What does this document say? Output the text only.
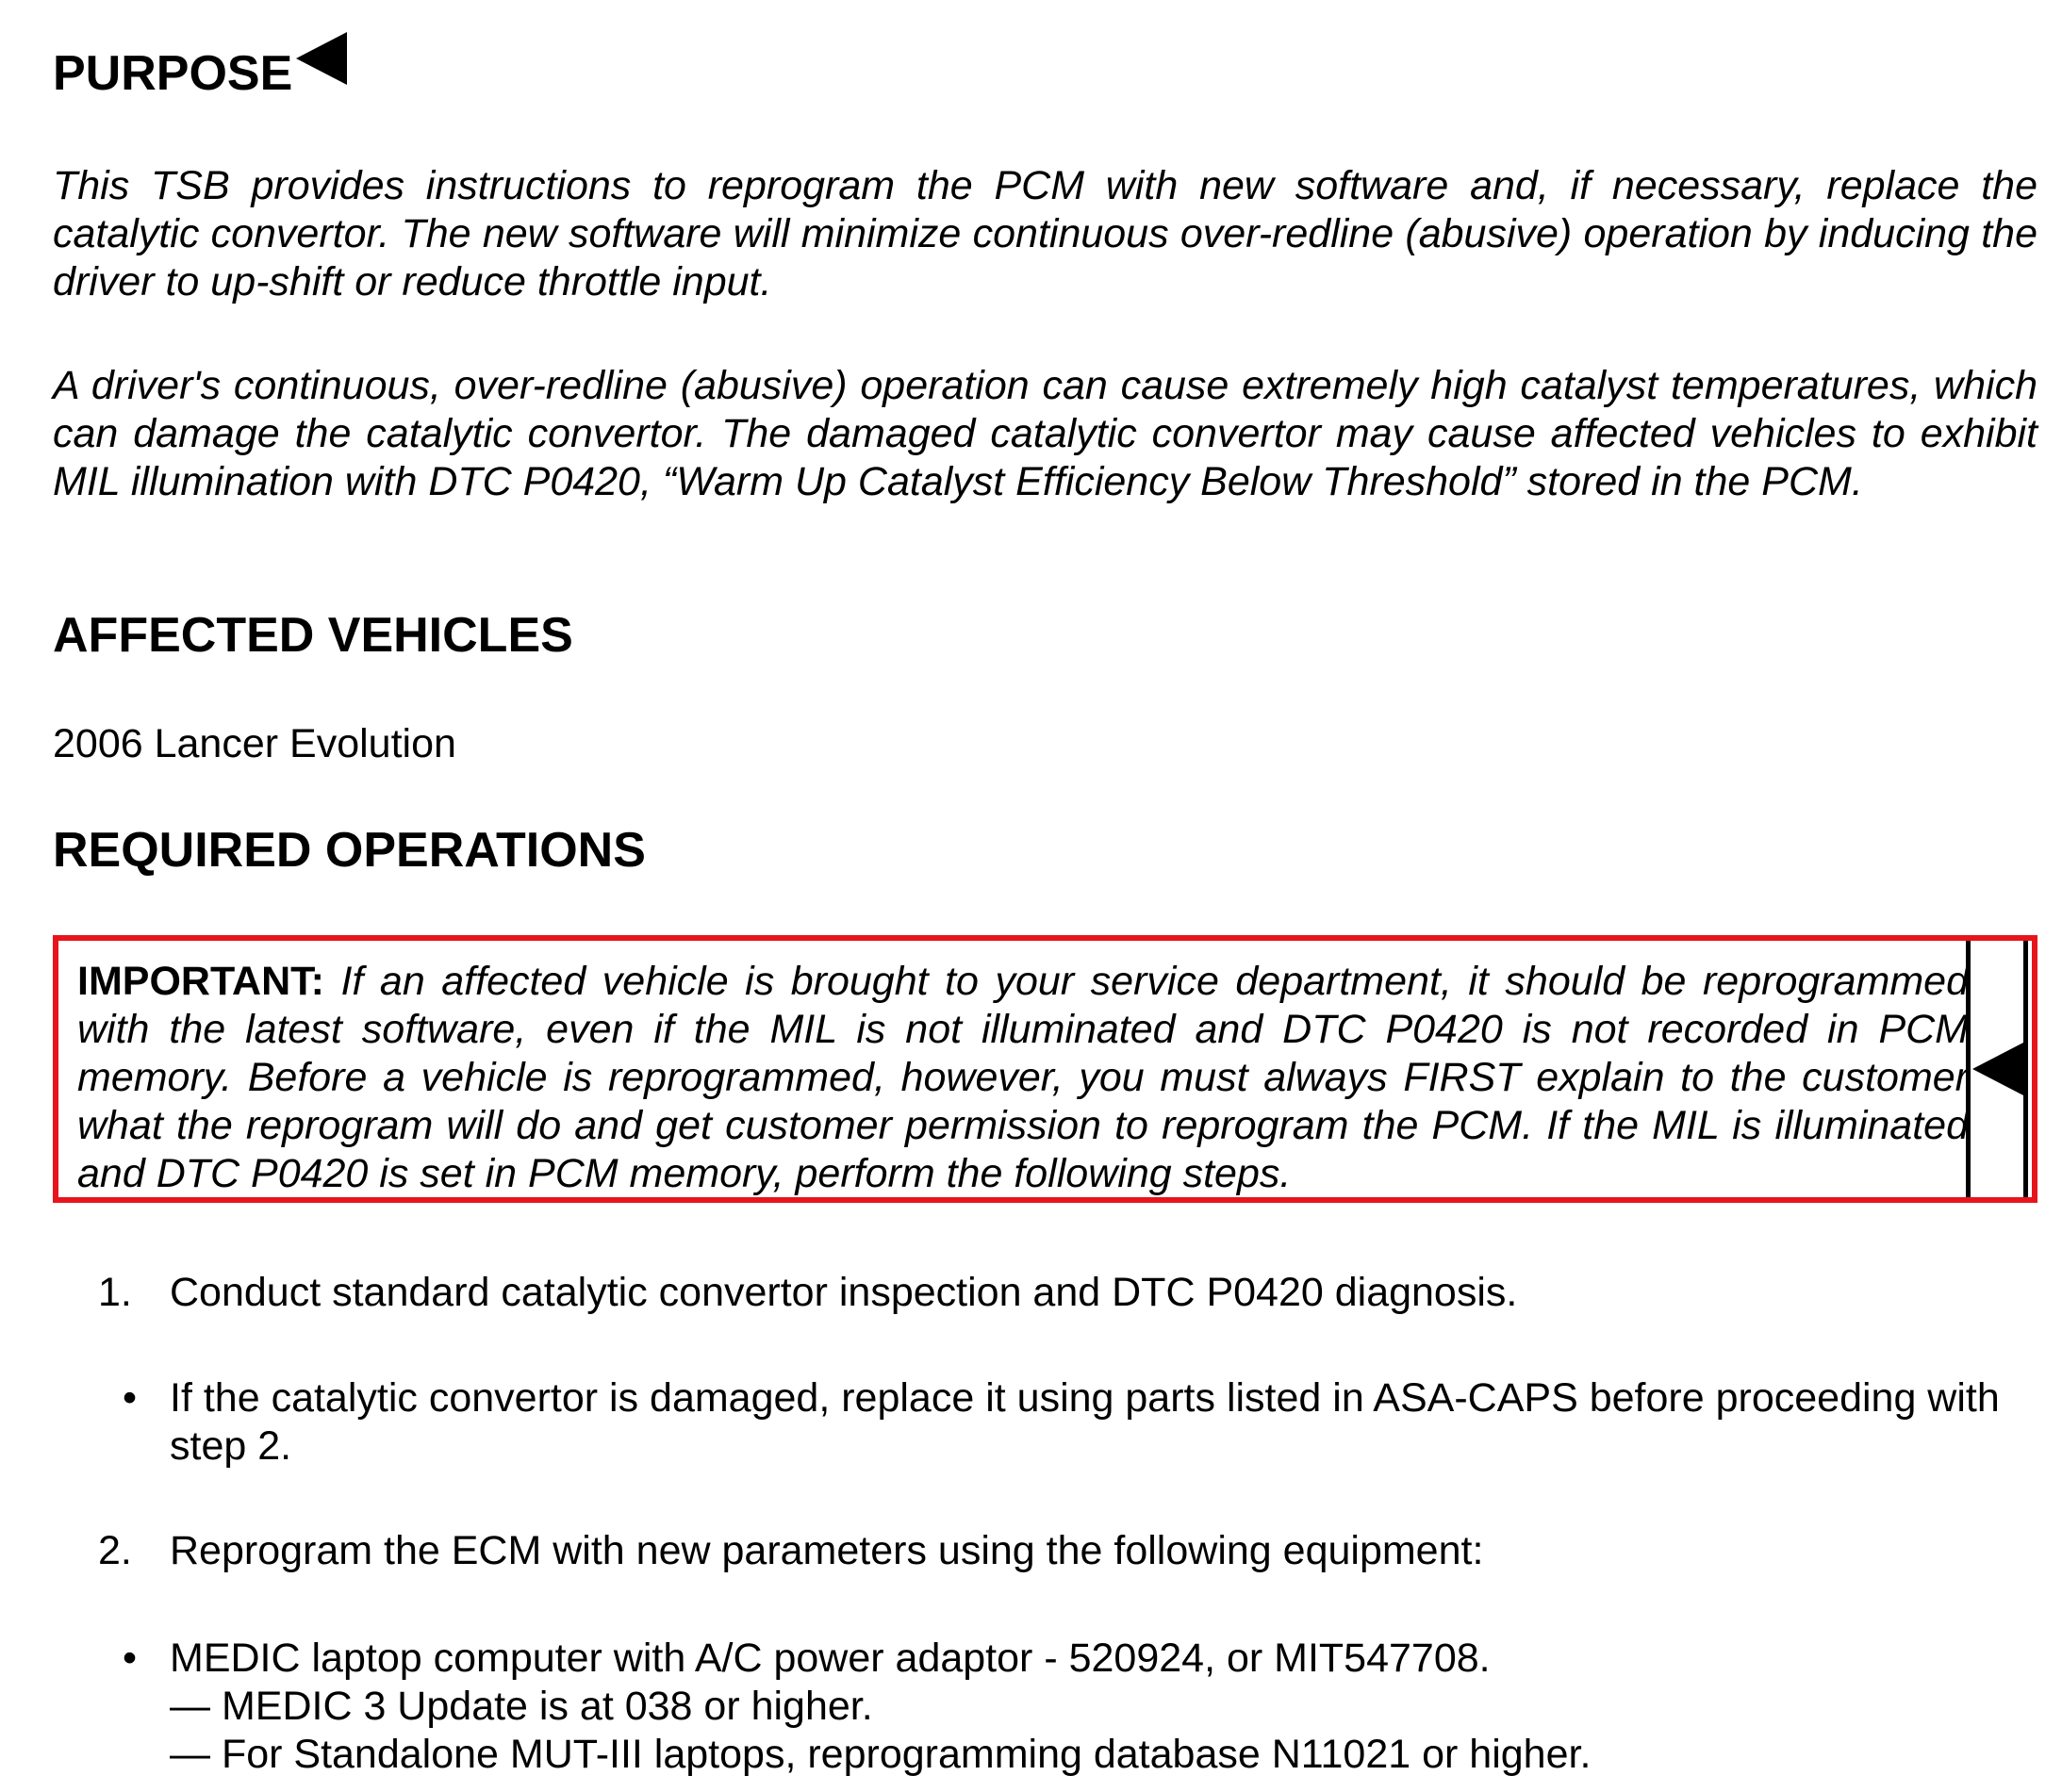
PURPOSE

This TSB provides instructions to reprogram the PCM with new software and, if necessary, replace the catalytic convertor. The new software will minimize continuous over-redline (abusive) operation by inducing the driver to up-shift or reduce throttle input.

A driver's continuous, over-redline (abusive) operation can cause extremely high catalyst temperatures, which can damage the catalytic convertor. The damaged catalytic convertor may cause affected vehicles to exhibit MIL illumination with DTC P0420, “Warm Up Catalyst Efficiency Below Threshold” stored in the PCM.

AFFECTED VEHICLES

2006 Lancer Evolution

REQUIRED OPERATIONS

IMPORTANT: If an affected vehicle is brought to your service department, it should be reprogrammed with the latest software, even if the MIL is not illuminated and DTC P0420 is not recorded in PCM memory. Before a vehicle is reprogrammed, however, you must always FIRST explain to the customer what the reprogram will do and get customer permission to reprogram the PCM. If the MIL is illuminated and DTC P0420 is set in PCM memory, perform the following steps.

1. Conduct standard catalytic convertor inspection and DTC P0420 diagnosis.

• If the catalytic convertor is damaged, replace it using parts listed in ASA-CAPS before proceeding with step 2.

2. Reprogram the ECM with new parameters using the following equipment:

• MEDIC laptop computer with A/C power adaptor - 520924, or MIT547708.
— MEDIC 3 Update is at 038 or higher.
— For Standalone MUT-III laptops, reprogramming database N11021 or higher.
